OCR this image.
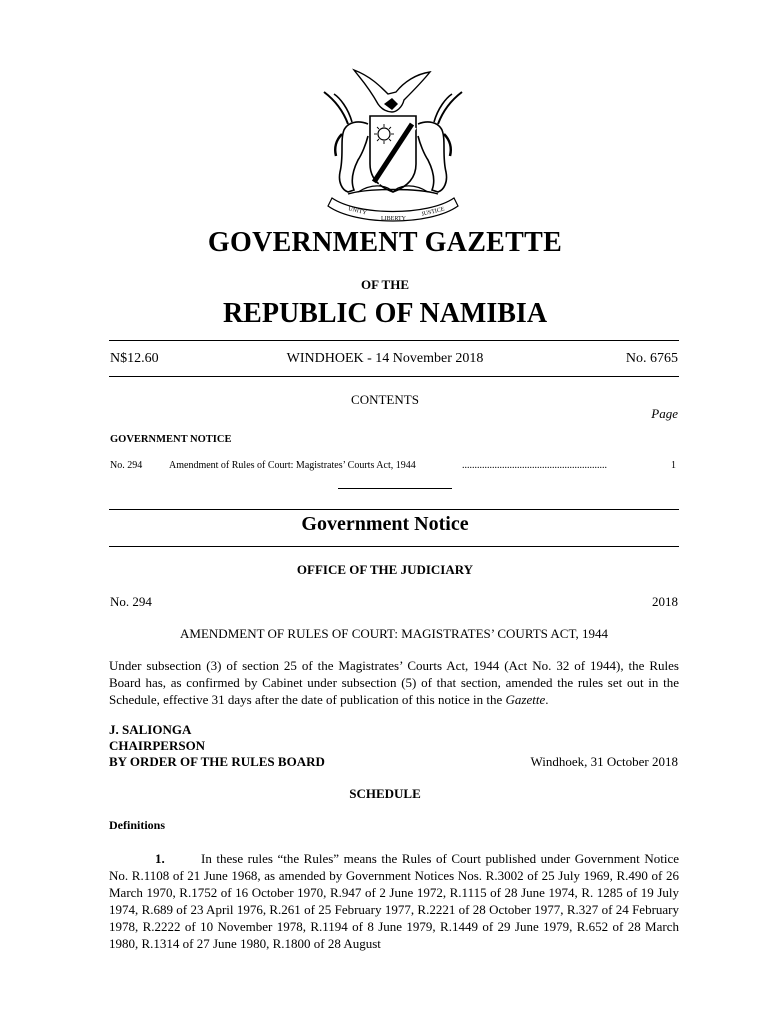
UNITY
LIBERTY
JUSTICE
GOVERNMENT GAZETTE
OF THE
REPUBLIC OF NAMIBIA
N$12.60	WINDHOEK - 14 November 2018	No. 6765
CONTENTS
Page
GOVERNMENT NOTICE
No. 294	Amendment of Rules of Court: Magistrates’ Courts Act, 1944	..........................................................	1
Government Notice
OFFICE OF THE JUDICIARY
No. 294	2018
AMENDMENT OF RULES OF COURT: MAGISTRATES’ COURTS ACT, 1944
Under subsection (3) of section 25 of the Magistrates’ Courts Act, 1944 (Act No. 32 of 1944), the Rules Board has, as confirmed by Cabinet under subsection (5) of that section, amended the rules set out in the Schedule, effective 31 days after the date of publication of this notice in the Gazette.
J. SALIONGA
CHAIRPERSON
BY ORDER OF THE RULES BOARD	Windhoek, 31 October 2018
SCHEDULE
Definitions
1.	In these rules “the Rules” means the Rules of Court published under Government Notice No. R.1108 of 21 June 1968, as amended by Government Notices Nos. R.3002 of 25 July 1969, R.490 of 26 March 1970, R.1752 of 16 October 1970, R.947 of 2 June 1972, R.1115 of 28 June 1974, R. 1285 of 19 July 1974, R.689 of 23 April 1976, R.261 of 25 February 1977, R.2221 of 28 October 1977, R.327 of 24 February 1978, R.2222 of 10 November 1978, R.1194 of 8 June 1979, R.1449 of 29 June 1979, R.652 of 28 March 1980, R.1314 of 27 June 1980, R.1800 of 28 August
